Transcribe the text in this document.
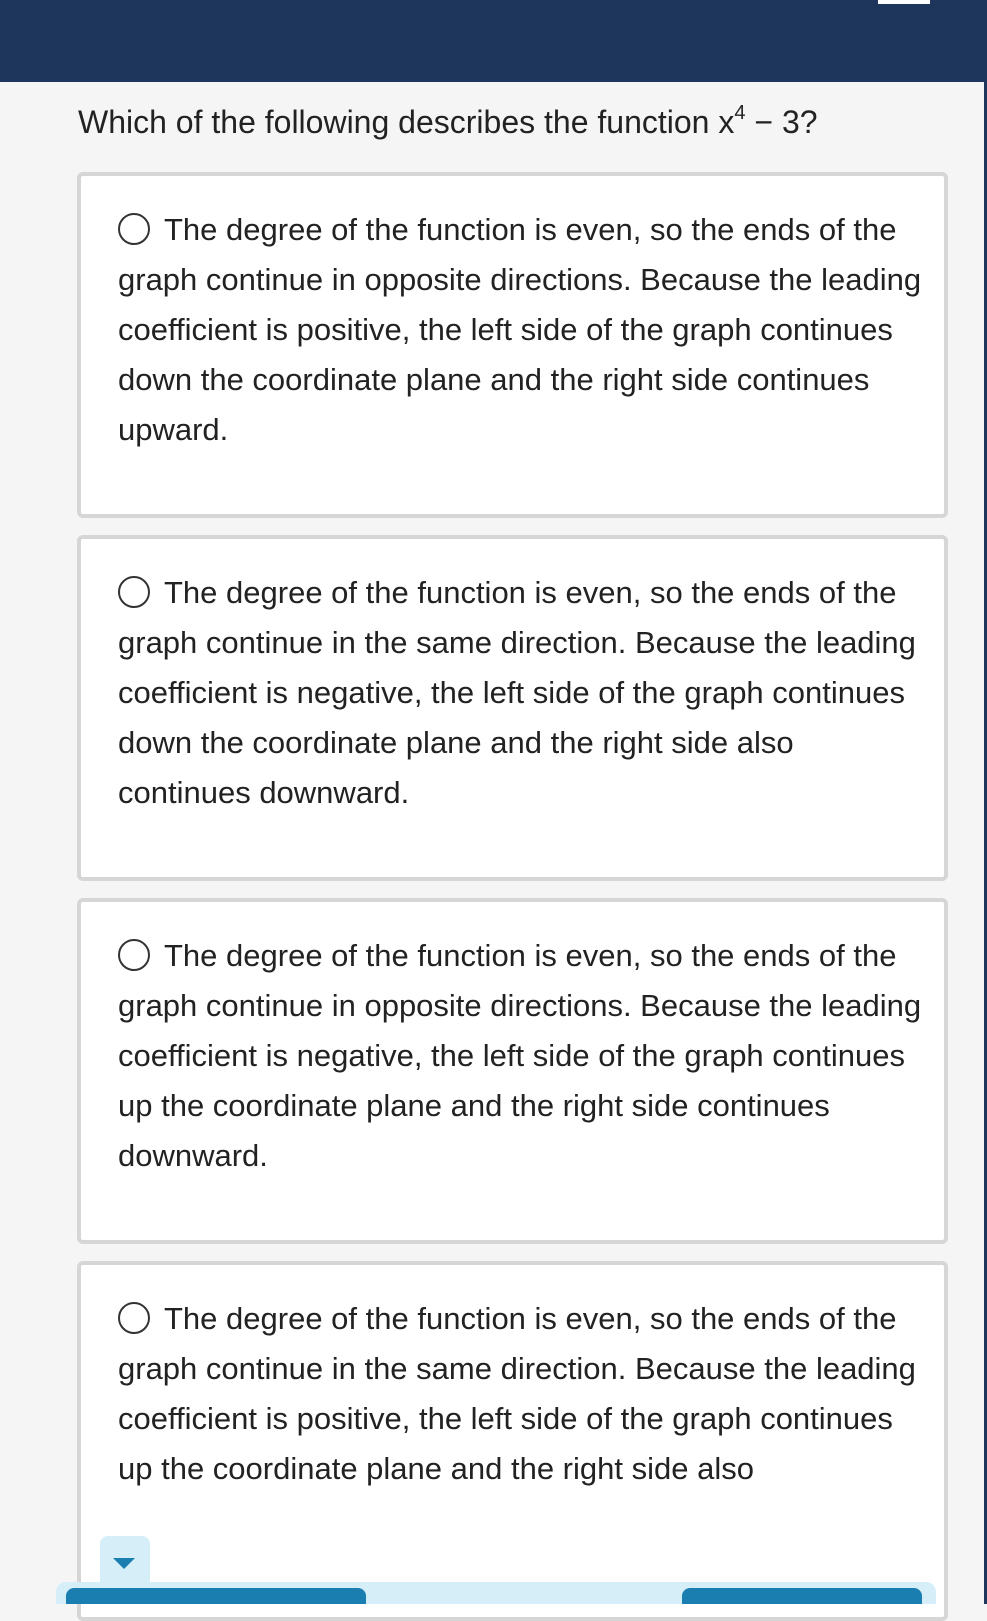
Which of the following describes the function $x^4 - 3$?
The degree of the function is even, so the ends of the graph continue in opposite directions. Because the leading coefficient is positive, the left side of the graph continues down the coordinate plane and the right side continues upward.
The degree of the function is even, so the ends of the graph continue in the same direction. Because the leading coefficient is negative, the left side of the graph continues down the coordinate plane and the right side also continues downward.
The degree of the function is even, so the ends of the graph continue in opposite directions. Because the leading coefficient is negative, the left side of the graph continues up the coordinate plane and the right side continues downward.
The degree of the function is even, so the ends of the graph continue in the same direction. Because the leading coefficient is positive, the left side of the graph continues up the coordinate plane and the right side also
